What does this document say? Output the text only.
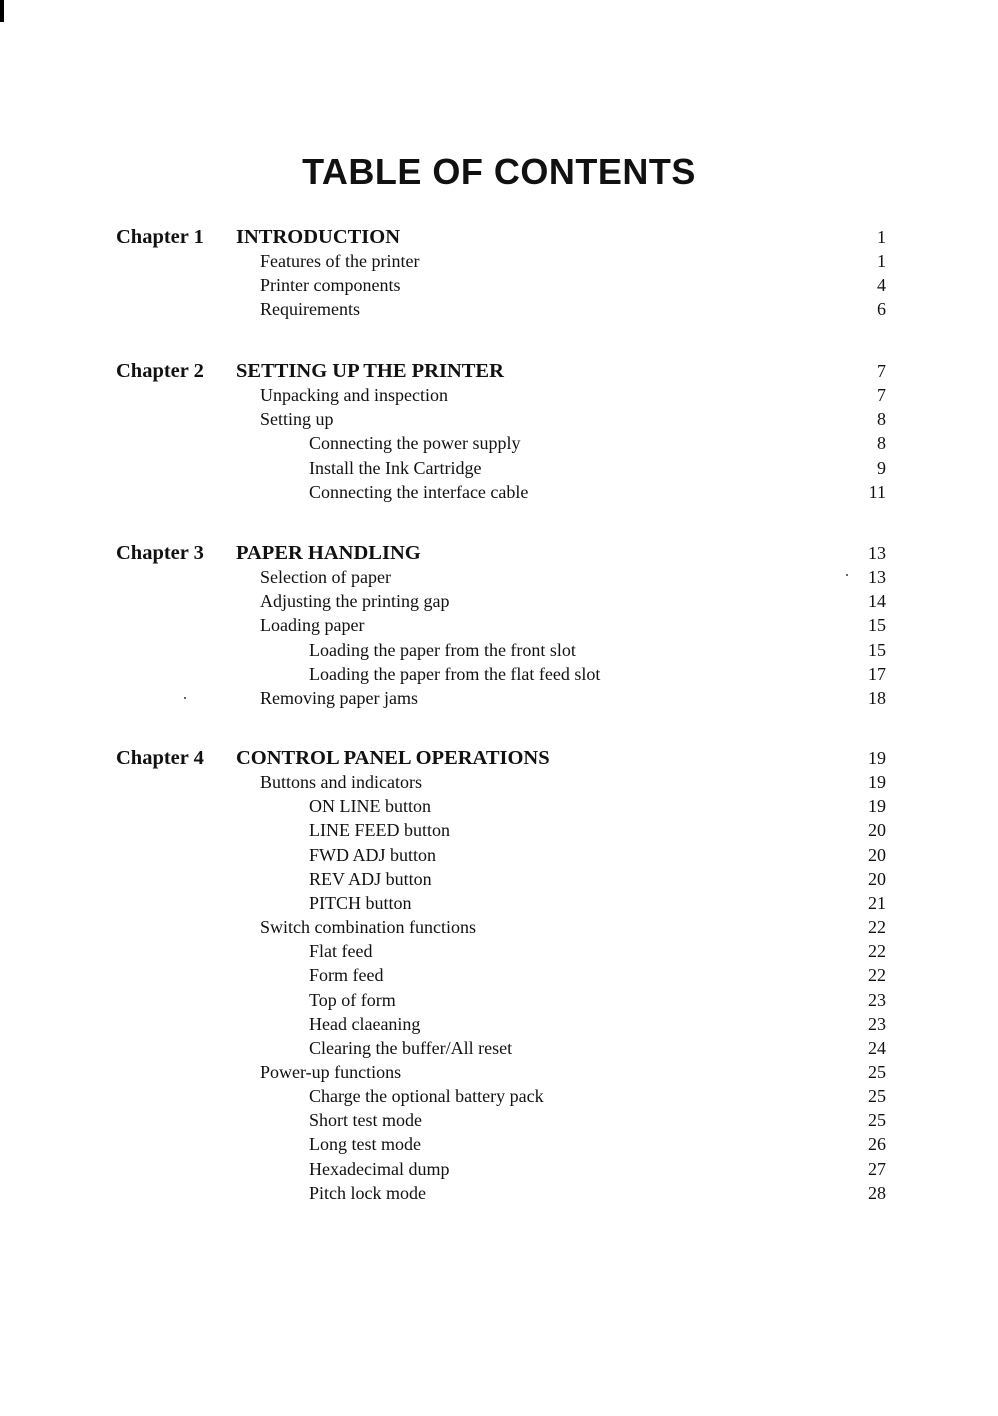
TABLE OF CONTENTS
Chapter 1 INTRODUCTION	1
Features of the printer	1
Printer components	4
Requirements	6
Chapter 2 SETTING UP THE PRINTER	7
Unpacking and inspection	7
Setting up	8
Connecting the power supply	8
Install the Ink Cartridge	9
Connecting the interface cable	11
Chapter 3 PAPER HANDLING	13
Selection of paper	13
Adjusting the printing gap	14
Loading paper	15
Loading the paper from the front slot	15
Loading the paper from the flat feed slot	17
Removing paper jams	18
Chapter 4 CONTROL PANEL OPERATIONS	19
Buttons and indicators	19
ON LINE button	19
LINE FEED button	20
FWD ADJ button	20
REV ADJ button	20
PITCH button	21
Switch combination functions	22
Flat feed	22
Form feed	22
Top of form	23
Head claeaning	23
Clearing the buffer/All reset	24
Power-up functions	25
Charge the optional battery pack	25
Short test mode	25
Long test mode	26
Hexadecimal dump	27
Pitch lock mode	28
